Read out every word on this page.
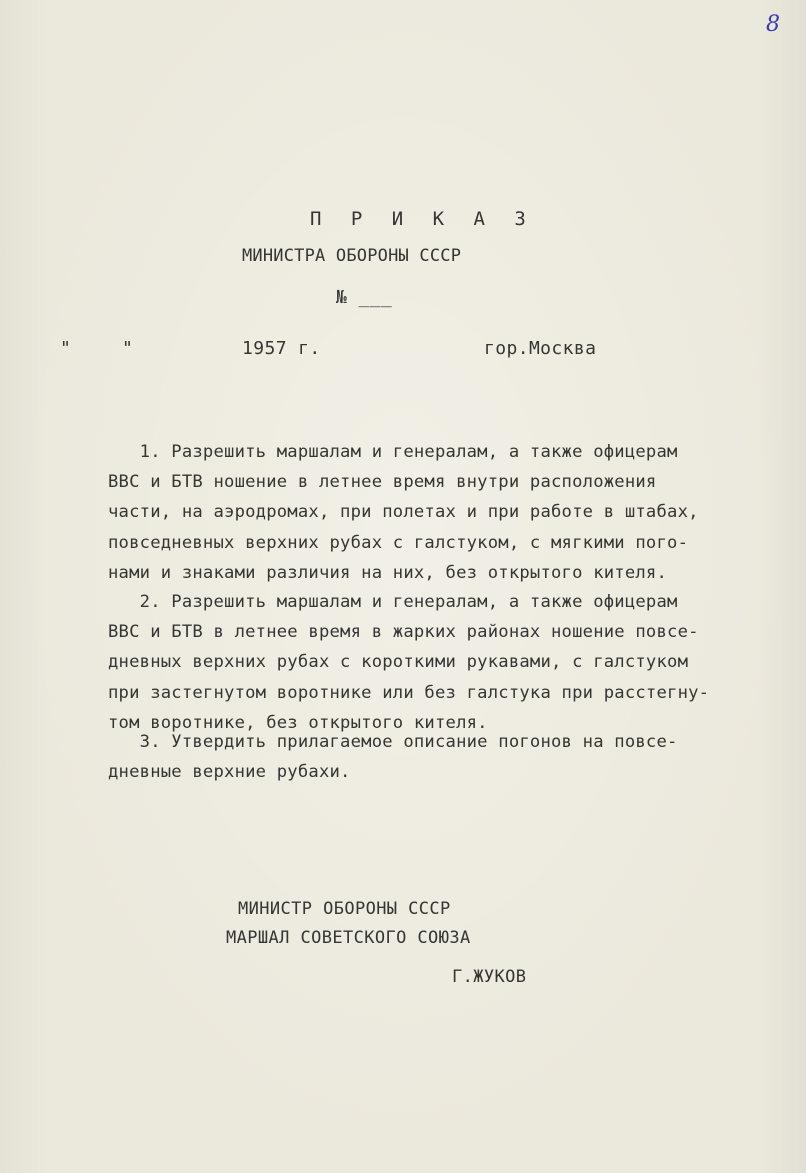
8
П Р И К А З
МИНИСТРА ОБОРОНЫ СССР
№ ___

"

	"

	1957 г.

	гор.Москва

1. Разрешить маршалам и генералам, а также офицерам
ВВС и БТВ ношение в летнее время внутри расположения
части, на аэродромах, при полетах и при работе в штабах,
повседневных верхних рубах с галстуком, с мягкими пого-
нами и знаками различия на них, без открытого кителя.
2. Разрешить маршалам и генералам, а также офицерам
ВВС и БТВ в летнее время в жарких районах ношение повсе-
дневных верхних рубах с короткими рукавами, с галстуком
при застегнутом воротнике или без галстука при расстегну-
том воротнике, без открытого кителя.
3. Утвердить прилагаемое описание погонов на повсе-
дневные верхние рубахи.
МИНИСТР ОБОРОНЫ СССР
МАРШАЛ СОВЕТСКОГО СОЮЗА
Г.ЖУКОВ
